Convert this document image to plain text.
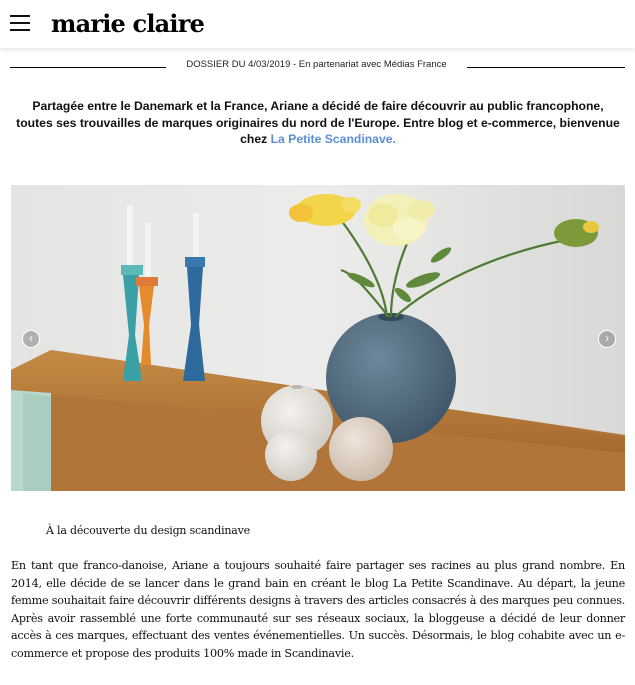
marie claire
DOSSIER DU 4/03/2019 - En partenariat avec Médias France

Partagée entre le Danemark et la France, Ariane a décidé de faire découvrir au public francophone, toutes ses trouvailles de marques originaires du nord de l'Europe. Entre blog et e-commerce, bienvenue chez La Petite Scandinave.

‹	›
À la découverte du design scandinave

En tant que franco-danoise, Ariane a toujours souhaité faire partager ses racines au plus grand nombre. En 2014, elle décide de se lancer dans le grand bain en créant le blog La Petite Scandinave. Au départ, la jeune femme souhaitait faire découvrir différents designs à travers des articles consacrés à des marques peu connues. Après avoir rassemblé une forte communauté sur ses réseaux sociaux, la bloggeuse a décidé de leur donner accès à ces marques, effectuant des ventes événementielles. Un succès. Désormais, le blog cohabite avec un e-commerce et propose des produits 100% made in Scandinavie.
